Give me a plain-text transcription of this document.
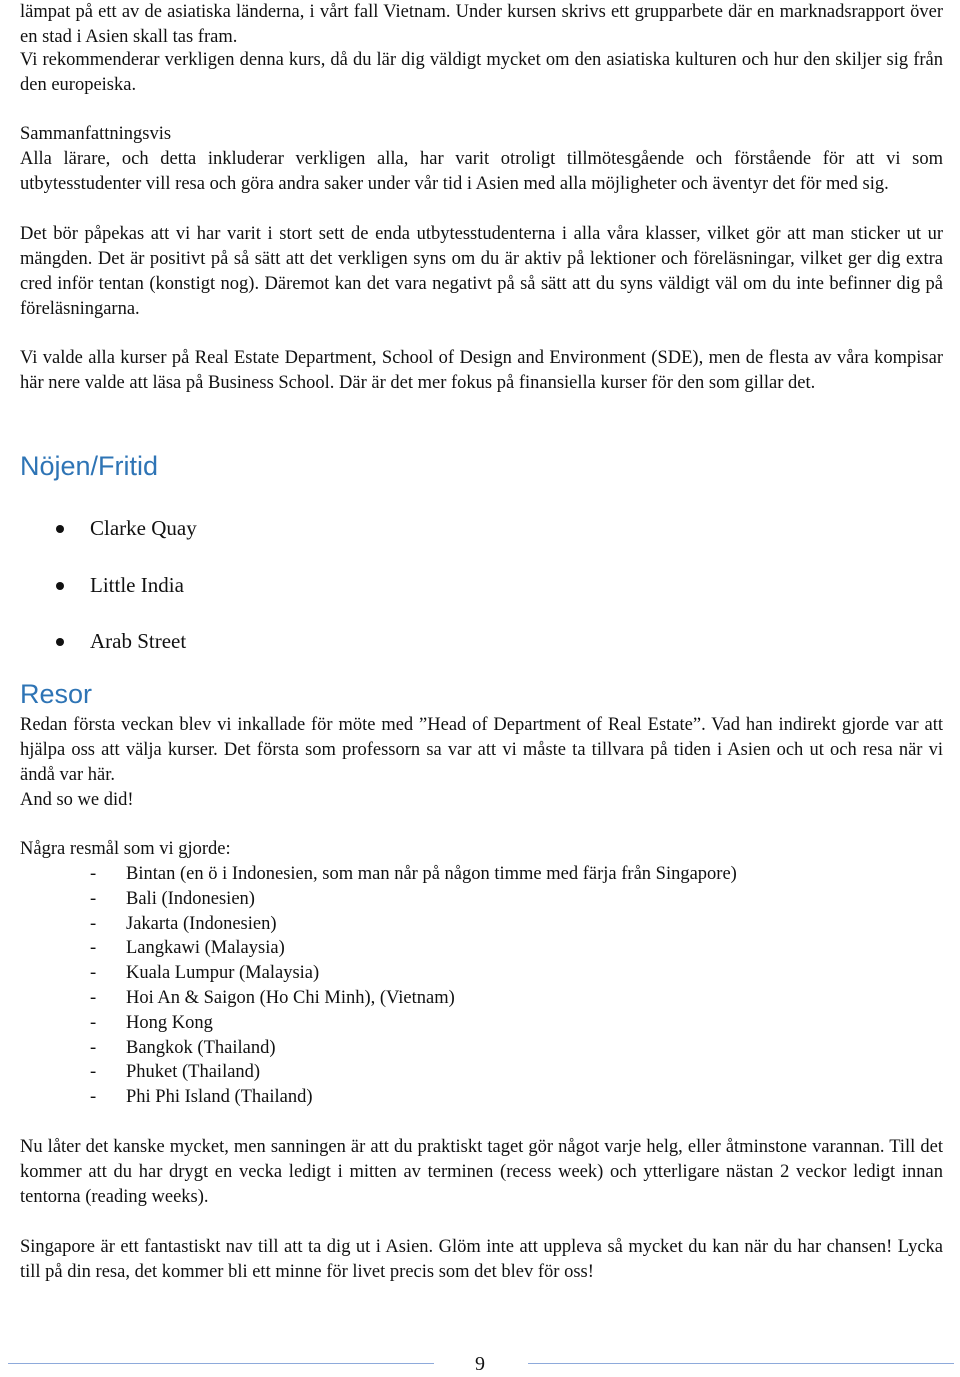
lämpat på ett av de asiatiska länderna, i vårt fall Vietnam. Under kursen skrivs ett grupparbete där en marknadsrapport över en stad i Asien skall tas fram.

Vi rekommenderar verkligen denna kurs, då du lär dig väldigt mycket om den asiatiska kulturen och hur den skiljer sig från den europeiska.

Sammanfattningsvis

Alla lärare, och detta inkluderar verkligen alla, har varit otroligt tillmötesgående och förstående för att vi som utbytesstudenter vill resa och göra andra saker under vår tid i Asien med alla möjligheter och äventyr det för med sig.

Det bör påpekas att vi har varit i stort sett de enda utbytesstudenterna i alla våra klasser, vilket gör att man sticker ut ur mängden. Det är positivt på så sätt att det verkligen syns om du är aktiv på lektioner och föreläsningar, vilket ger dig extra cred inför tentan (konstigt nog). Däremot kan det vara negativt på så sätt att du syns väldigt väl om du inte befinner dig på föreläsningarna.

Vi valde alla kurser på Real Estate Department, School of Design and Environment (SDE), men de flesta av våra kompisar här nere valde att läsa på Business School. Där är det mer fokus på finansiella kurser för den som gillar det.

Nöjen/Fritid
Clarke Quay
Little India
Arab Street
Resor

Redan första veckan blev vi inkallade för möte med ”Head of Department of Real Estate”. Vad han indirekt gjorde var att hjälpa oss att välja kurser. Det första som professorn sa var att vi måste ta tillvara på tiden i Asien och ut och resa när vi ändå var här.

And so we did!

Några resmål som vi gjorde:

- Bintan (en ö i Indonesien, som man når på någon timme med färja från Singapore)
- Bali (Indonesien)
- Jakarta (Indonesien)
- Langkawi (Malaysia)
- Kuala Lumpur (Malaysia)
- Hoi An & Saigon (Ho Chi Minh), (Vietnam)
- Hong Kong
- Bangkok (Thailand)
- Phuket (Thailand)
- Phi Phi Island (Thailand)

Nu låter det kanske mycket, men sanningen är att du praktiskt taget gör något varje helg, eller åtminstone varannan. Till det kommer att du har drygt en vecka ledigt i mitten av terminen (recess week) och ytterligare nästan 2 veckor ledigt innan tentorna (reading weeks).

Singapore är ett fantastiskt nav till att ta dig ut i Asien. Glöm inte att uppleva så mycket du kan när du har chansen! Lycka till på din resa, det kommer bli ett minne för livet precis som det blev för oss!

9
